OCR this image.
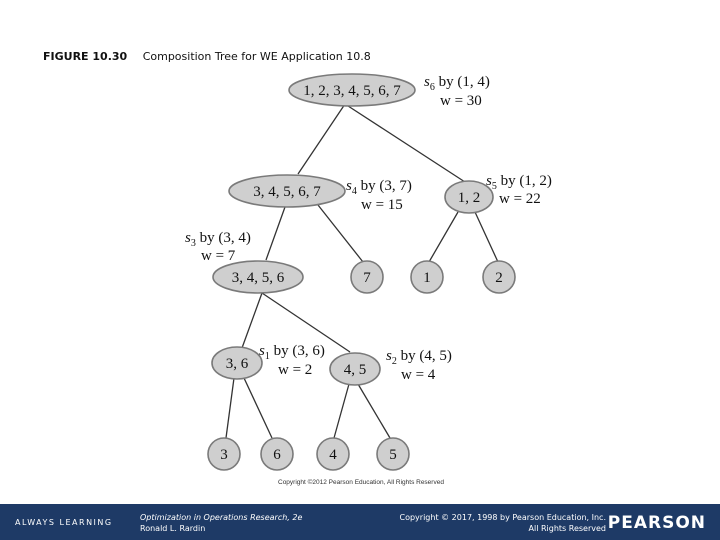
FIGURE 10.30 Composition Tree for WE Application 10.8
1, 2, 3, 4, 5, 6, 7
3, 4, 5, 6, 7	1, 2
3, 4, 5, 6	7	1	2
3, 6	4, 5
3	6	4	5
$s_6$ by (1, 4)
w = 30
$s_4$ by (3, 7)
w = 15
$s_5$ by (1, 2)
w = 22
$s_3$ by (3, 4)
w = 7
$s_1$ by (3, 6)
w = 2
$s_2$ by (4, 5)
w = 4
Copyright ©2012 Pearson Education, All Rights Reserved
ALWAYS LEARNING
Optimization in Operations Research, 2e
Ronald L. Rardin
Copyright © 2017, 1998 by Pearson Education, Inc.
All Rights Reserved PEARSON
